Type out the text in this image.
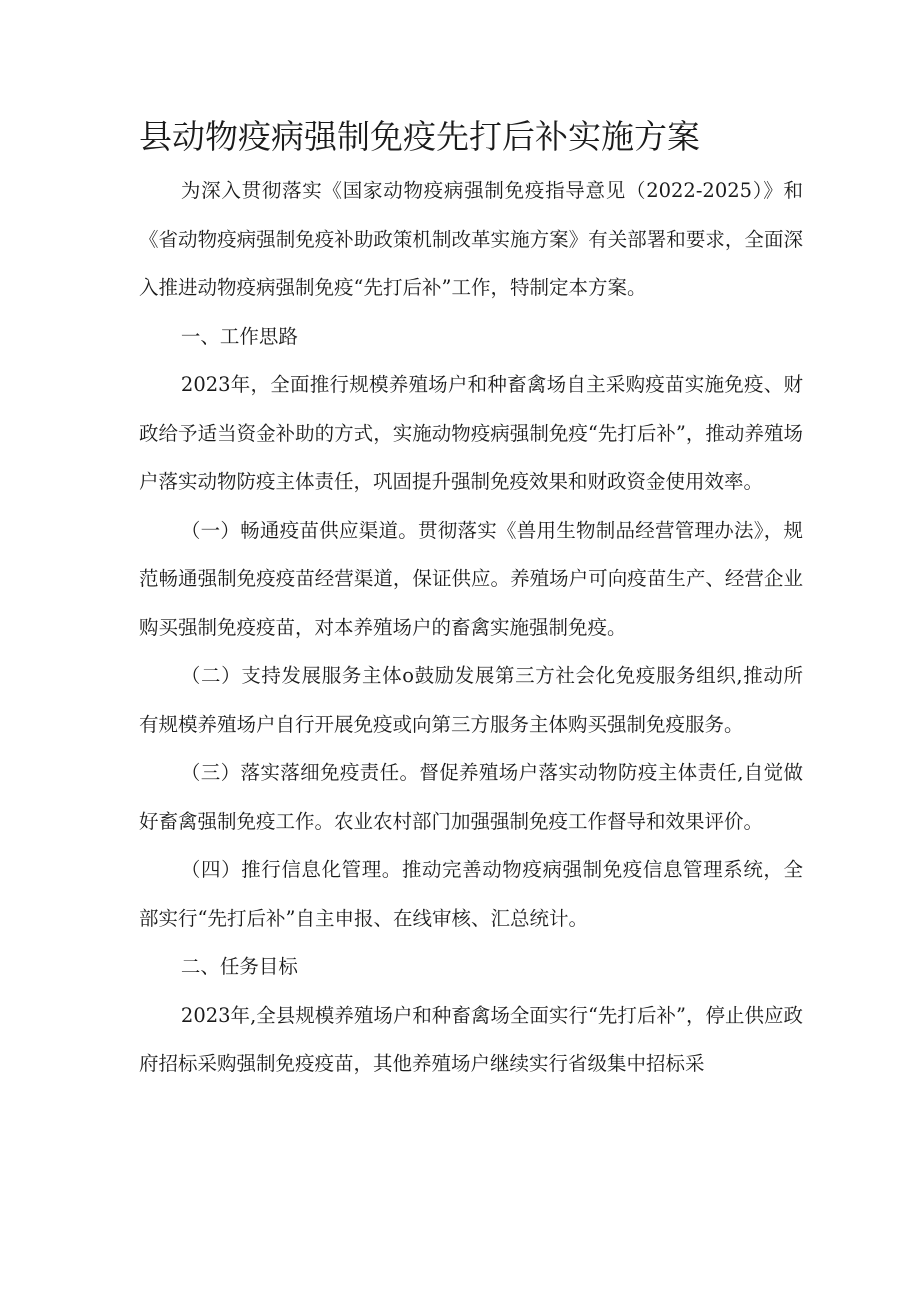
县动物疫病强制免疫先打后补实施方案

为深入贯彻落实《国家动物疫病强制免疫指导意见（2022-2025）》和《省动物疫病强制免疫补助政策机制改革实施方案》有关部署和要求，全面深入推进动物疫病强制免疫“先打后补”工作，特制定本方案。

一、工作思路

2023年，全面推行规模养殖场户和种畜禽场自主采购疫苗实施免疫、财政给予适当资金补助的方式，实施动物疫病强制免疫“先打后补”，推动养殖场户落实动物防疫主体责任，巩固提升强制免疫效果和财政资金使用效率。

（一）畅通疫苗供应渠道。贯彻落实《兽用生物制品经营管理办法》，规范畅通强制免疫疫苗经营渠道，保证供应。养殖场户可向疫苗生产、经营企业购买强制免疫疫苗，对本养殖场户的畜禽实施强制免疫。

（二）支持发展服务主体o鼓励发展第三方社会化免疫服务组织,推动所有规模养殖场户自行开展免疫或向第三方服务主体购买强制免疫服务。

（三）落实落细免疫责任。督促养殖场户落实动物防疫主体责任,自觉做好畜禽强制免疫工作。农业农村部门加强强制免疫工作督导和效果评价。

（四）推行信息化管理。推动完善动物疫病强制免疫信息管理系统，全部实行“先打后补”自主申报、在线审核、汇总统计。

二、任务目标

2023年,全县规模养殖场户和种畜禽场全面实行“先打后补”，停止供应政府招标采购强制免疫疫苗，其他养殖场户继续实行省级集中招标采
